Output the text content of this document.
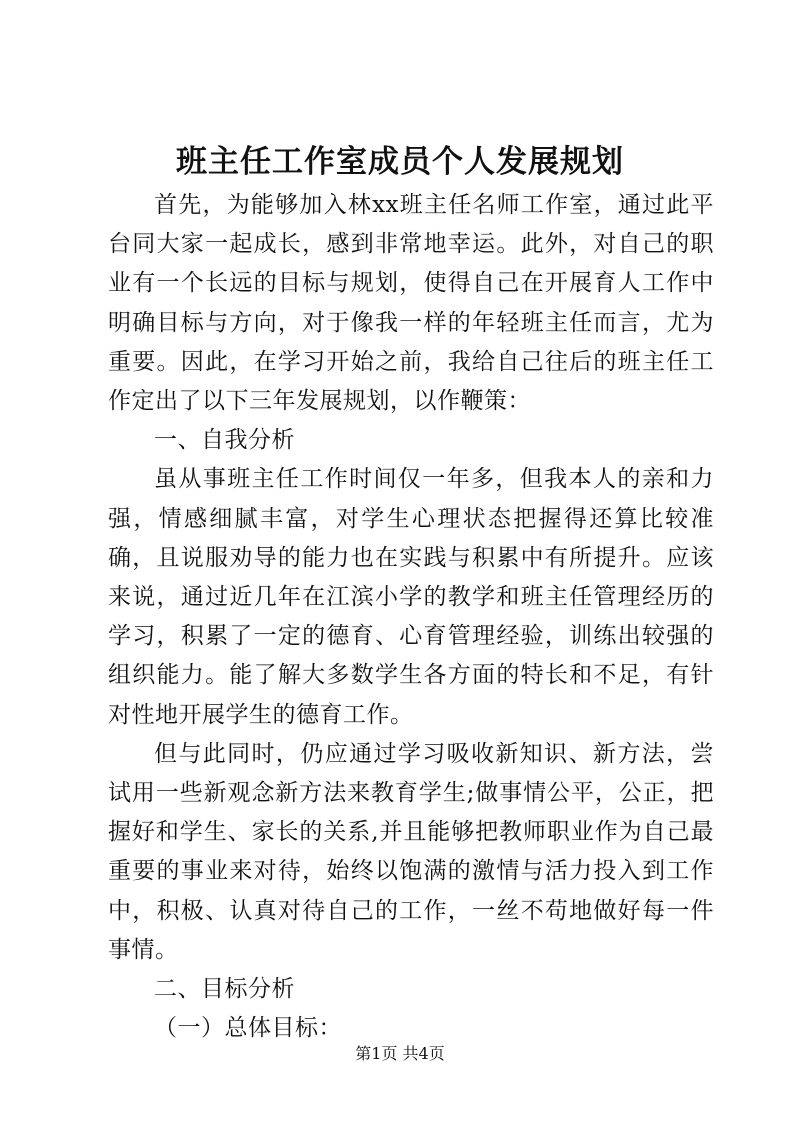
班主任工作室成员个人发展规划

首先，为能够加入林xx班主任名师工作室，通过此平台同大家一起成长，感到非常地幸运。此外，对自己的职业有一个长远的目标与规划，使得自己在开展育人工作中明确目标与方向，对于像我一样的年轻班主任而言，尤为重要。因此，在学习开始之前，我给自己往后的班主任工作定出了以下三年发展规划，以作鞭策：

一、自我分析

虽从事班主任工作时间仅一年多，但我本人的亲和力强，情感细腻丰富，对学生心理状态把握得还算比较准确，且说服劝导的能力也在实践与积累中有所提升。应该来说，通过近几年在江滨小学的教学和班主任管理经历的学习，积累了一定的德育、心育管理经验，训练出较强的组织能力。能了解大多数学生各方面的特长和不足，有针对性地开展学生的德育工作。

但与此同时，仍应通过学习吸收新知识、新方法，尝试用一些新观念新方法来教育学生;做事情公平，公正，把握好和学生、家长的关系,并且能够把教师职业作为自己最重要的事业来对待，始终以饱满的激情与活力投入到工作中，积极、认真对待自己的工作，一丝不苟地做好每一件事情。

二、目标分析

（一）总体目标：

第1页 共4页
